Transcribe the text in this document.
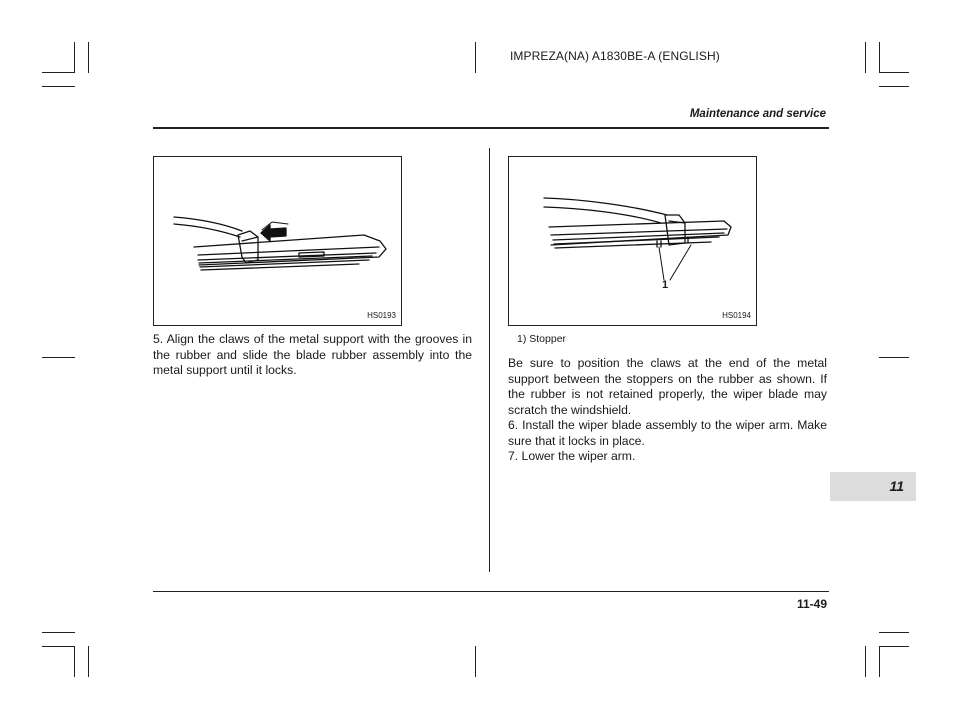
IMPREZA(NA) A1830BE-A (ENGLISH)
Maintenance and service
HS0193

5. Align the claws of the metal support with the grooves in the rubber and slide the blade rubber assembly into the metal support until it locks.

1
HS0194
1) Stopper

Be sure to position the claws at the end of the metal support between the stoppers on the rubber as shown. If the rubber is not retained properly, the wiper blade may scratch the windshield.

6. Install the wiper blade assembly to the wiper arm. Make sure that it locks in place.

7. Lower the wiper arm.

11
11-49
